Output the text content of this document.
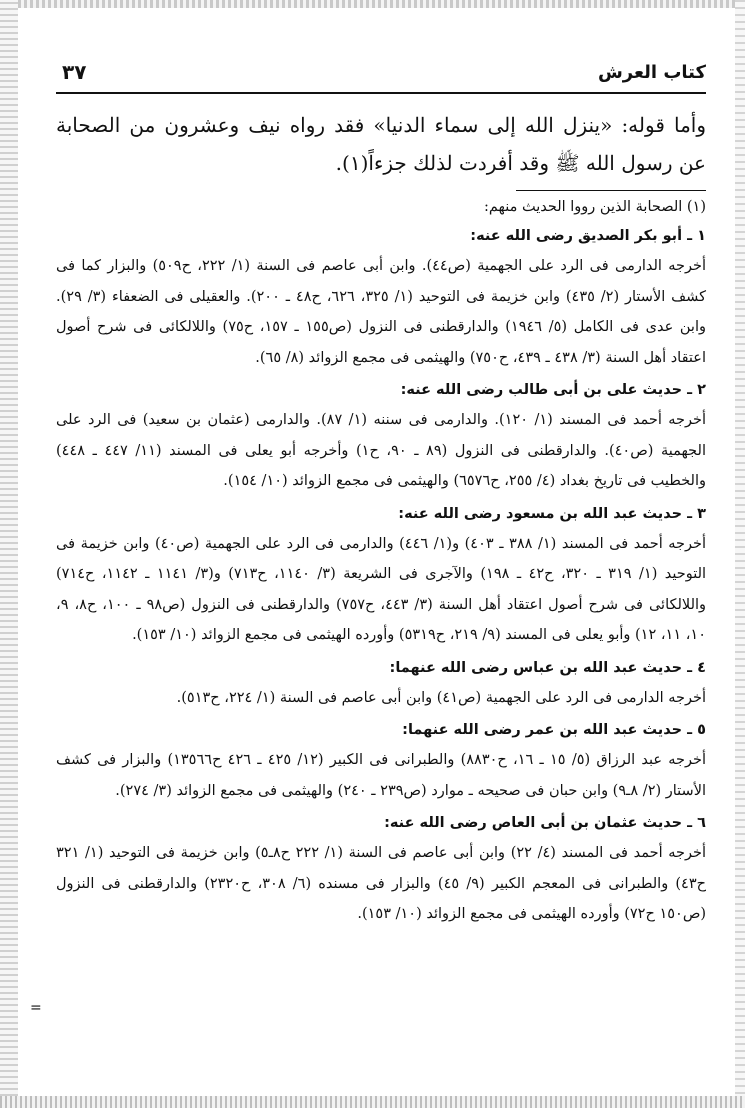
كتاب العرش
٣٧
وأما قوله: «ينزل الله إلى سماء الدنيا» فقد رواه نيف وعشرون من الصحابة عن رسول الله ﷺ وقد أفردت لذلك جزءاً(١).
(١) الصحابة الذين رووا الحديث منهم:
١ ـ أبو بكر الصديق رضى الله عنه:
أخرجه الدارمى فى الرد على الجهمية (ص٤٤). وابن أبى عاصم فى السنة (١/ ٢٢٢، ح٥٠٩) والبزار كما فى كشف الأستار (٢/ ٤٣٥) وابن خزيمة فى التوحيد (١/ ٣٢٥، ٦٢٦، ح٤٨ ـ ٢٠٠). والعقيلى فى الضعفاء (٣/ ٢٩). وابن عدى فى الكامل (٥/ ١٩٤٦) والدارقطنى فى النزول (ص١٥٥ ـ ١٥٧، ح٧٥) واللالكائى فى شرح أصول اعتقاد أهل السنة (٣/ ٤٣٨ ـ ٤٣٩، ح٧٥٠) والهيثمى فى مجمع الزوائد (٨/ ٦٥).
٢ ـ حديث على بن أبى طالب رضى الله عنه:
أخرجه أحمد فى المسند (١/ ١٢٠). والدارمى فى سننه (١/ ٨٧). والدارمى (عثمان بن سعيد) فى الرد على الجهمية (ص٤٠). والدارقطنى فى النزول (٨٩ ـ ٩٠، ح١) وأخرجه أبو يعلى فى المسند (١١/ ٤٤٧ ـ ٤٤٨) والخطيب فى تاريخ بغداد (٤/ ٢٥٥، ح٦٥٧٦) والهيثمى فى مجمع الزوائد (١٠/ ١٥٤).
٣ ـ حديث عبد الله بن مسعود رضى الله عنه:
أخرجه أحمد فى المسند (١/ ٣٨٨ ـ ٤٠٣) و(١/ ٤٤٦) والدارمى فى الرد على الجهمية (ص٤٠) وابن خزيمة فى التوحيد (١/ ٣١٩ ـ ٣٢٠، ح٤٢ ـ ١٩٨) والآجرى فى الشريعة (٣/ ١١٤٠، ح٧١٣) و(٣/ ١١٤١ ـ ١١٤٢، ح٧١٤) واللالكائى فى شرح أصول اعتقاد أهل السنة (٣/ ٤٤٣، ح٧٥٧) والدارقطنى فى النزول (ص٩٨ ـ ١٠٠، ح٨، ٩، ١٠، ١١، ١٢) وأبو يعلى فى المسند (٩/ ٢١٩، ح٥٣١٩) وأورده الهيثمى فى مجمع الزوائد (١٠/ ١٥٣).
٤ ـ حديث عبد الله بن عباس رضى الله عنهما:
أخرجه الدارمى فى الرد على الجهمية (ص٤١) وابن أبى عاصم فى السنة (١/ ٢٢٤، ح٥١٣).
٥ ـ حديث عبد الله بن عمر رضى الله عنهما:
أخرجه عبد الرزاق (٥/ ١٥ ـ ١٦، ح٨٨٣٠) والطبرانى فى الكبير (١٢/ ٤٢٥ ـ ٤٢٦ ح١٣٥٦٦) والبزار فى كشف الأستار (٢/ ٨ـ٩) وابن حبان فى صحيحه ـ موارد (ص٢٣٩ ـ ٢٤٠) والهيثمى فى مجمع الزوائد (٣/ ٢٧٤).
٦ ـ حديث عثمان بن أبى العاص رضى الله عنه:
أخرجه أحمد فى المسند (٤/ ٢٢) وابن أبى عاصم فى السنة (١/ ٢٢٢ ح٨ـ٥) وابن خزيمة فى التوحيد (١/ ٣٢١ ح٤٣) والطبرانى فى المعجم الكبير (٩/ ٤٥) والبزار فى مسنده (٦/ ٣٠٨، ح٢٣٢٠) والدارقطنى فى النزول (ص١٥٠ ح٧٢) وأورده الهيثمى فى مجمع الزوائد (١٠/ ١٥٣).
=
